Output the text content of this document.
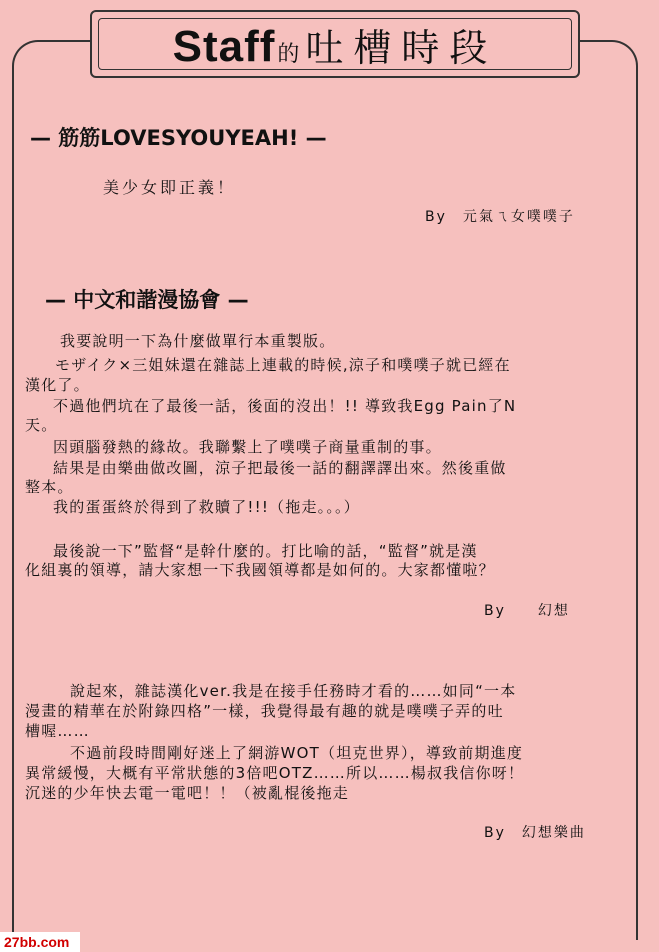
Staff的 吐槽時段
— 筋筋LOVESYOUYEAH! —
美少女即正義！
By　元氣ㄟ女噗噗子
— 中文和諧漫協會 —
我要說明一下為什麼做單行本重製版。
モザイク×三姐妹還在雜誌上連載的時候,涼子和噗噗子就已經在
漢化了。
不過他們坑在了最後一話，後面的沒出！!! 導致我Egg Pain了N
天。
因頭腦發熱的緣故。我聯繫上了噗噗子商量重制的事。
結果是由樂曲做改圖，涼子把最後一話的翻譯譯出來。然後重做
整本。
我的蛋蛋終於得到了救贖了!!!（拖走。。。）
最後說一下”監督“是幹什麼的。打比喻的話，“監督”就是漢
化組裏的領導，請大家想一下我國領導都是如何的。大家都懂啦？
By　　幻想
說起來，雜誌漢化ver.我是在接手任務時才看的……如同“一本
漫畫的精華在於附錄四格”一樣，我覺得最有趣的就是噗噗子弄的吐
槽喔……
不過前段時間剛好迷上了網游WOT（坦克世界），導致前期進度
異常緩慢，大概有平常狀態的3倍吧OTZ……所以……楊叔我信你呀！
沉迷的少年快去電一電吧！！（被亂棍後拖走
By　幻想樂曲
27bb.com
